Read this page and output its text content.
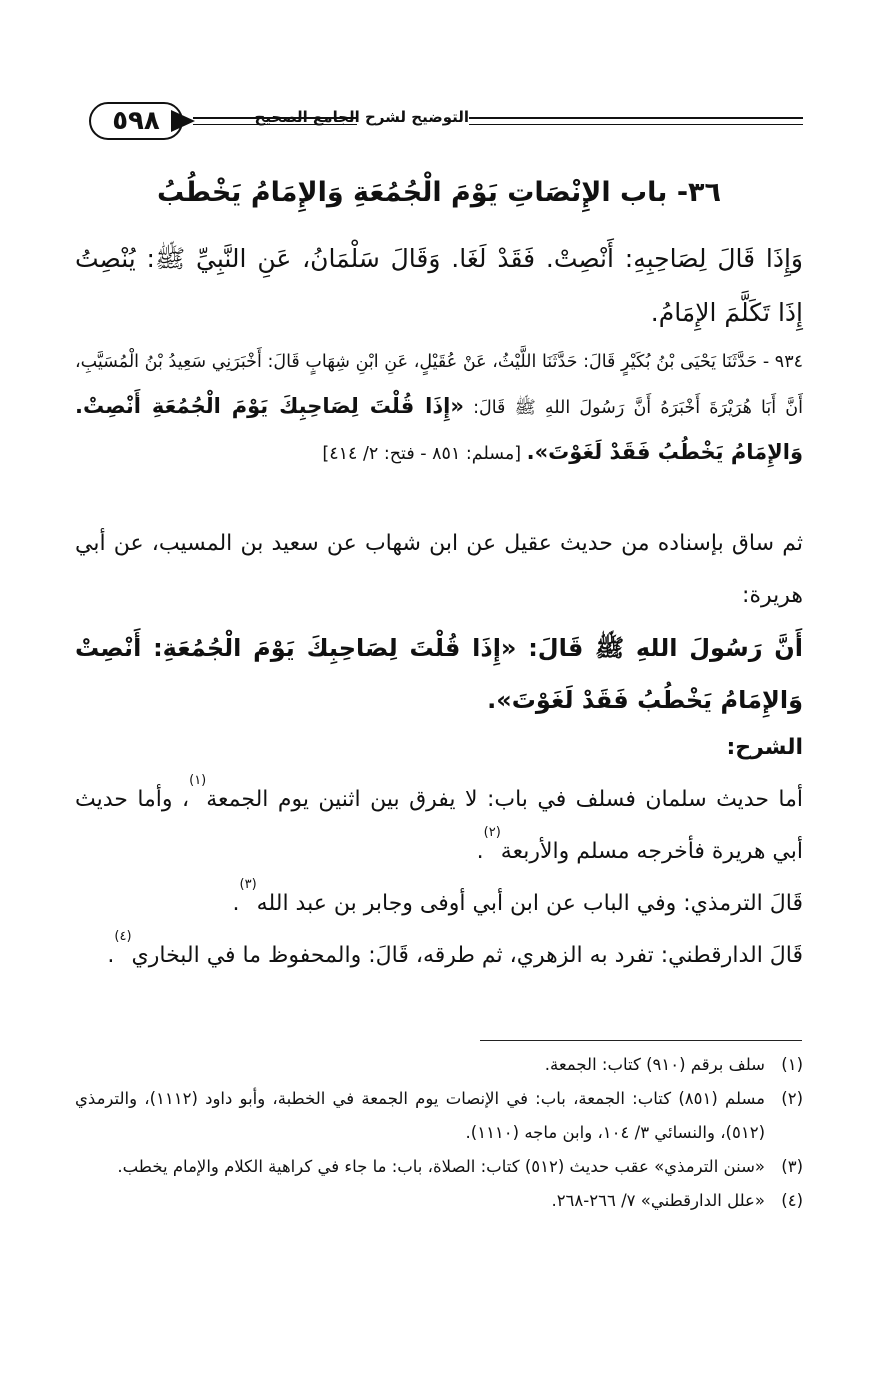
٥٩٨	التوضيح لشرح الجامع الصحيح
٣٦- باب الإِنْصَاتِ يَوْمَ الْجُمُعَةِ وَالإِمَامُ يَخْطُبُ
وَإِذَا قَالَ لِصَاحِبِهِ: أَنْصِتْ. فَقَدْ لَغَا. وَقَالَ سَلْمَانُ، عَنِ النَّبِيِّ ﷺ: يُنْصِتُ إِذَا تَكَلَّمَ الإِمَامُ.
٩٣٤ - حَدَّثَنَا يَحْيَى بْنُ بُكَيْرٍ قَالَ: حَدَّثَنَا اللَّيْثُ، عَنْ عُقَيْلٍ، عَنِ ابْنِ شِهَابٍ قَالَ: أَخْبَرَنِي سَعِيدُ بْنُ الْمُسَيَّبِ، أَنَّ أَبَا هُرَيْرَةَ أَخْبَرَهُ أَنَّ رَسُولَ اللهِ ﷺ قَالَ: «إِذَا قُلْتَ لِصَاحِبِكَ يَوْمَ الْجُمُعَةِ أَنْصِتْ. وَالإِمَامُ يَخْطُبُ فَقَدْ لَغَوْتَ». [مسلم: ٨٥١ - فتح: ٢/ ٤١٤]

ثم ساق بإسناده من حديث عقيل عن ابن شهاب عن سعيد بن المسيب، عن أبي هريرة:

أَنَّ رَسُولَ اللهِ ﷺ قَالَ: «إِذَا قُلْتَ لِصَاحِبِكَ يَوْمَ الْجُمُعَةِ: أَنْصِتْ وَالإِمَامُ يَخْطُبُ فَقَدْ لَغَوْتَ».

الشرح:

أما حديث سلمان فسلف في باب: لا يفرق بين اثنين يوم الجمعة$^{(١)}$، وأما حديث أبي هريرة فأخرجه مسلم والأربعة$^{(٢)}$.

قَالَ الترمذي: وفي الباب عن ابن أبي أوفى وجابر بن عبد الله$^{(٣)}$.

قَالَ الدارقطني: تفرد به الزهري، ثم طرقه، قَالَ: والمحفوظ ما في البخاري$^{(٤)}$.

(١)
سلف برقم (٩١٠) كتاب: الجمعة.
(٢)
مسلم (٨٥١) كتاب: الجمعة، باب: في الإنصات يوم الجمعة في الخطبة، وأبو داود (١١١٢)، والترمذي (٥١٢)، والنسائي ٣/ ١٠٤، وابن ماجه (١١١٠).
(٣)
«سنن الترمذي» عقب حديث (٥١٢) كتاب: الصلاة، باب: ما جاء في كراهية الكلام والإمام يخطب.
(٤)
«علل الدارقطني» ٧/ ٢٦٦-٢٦٨.
